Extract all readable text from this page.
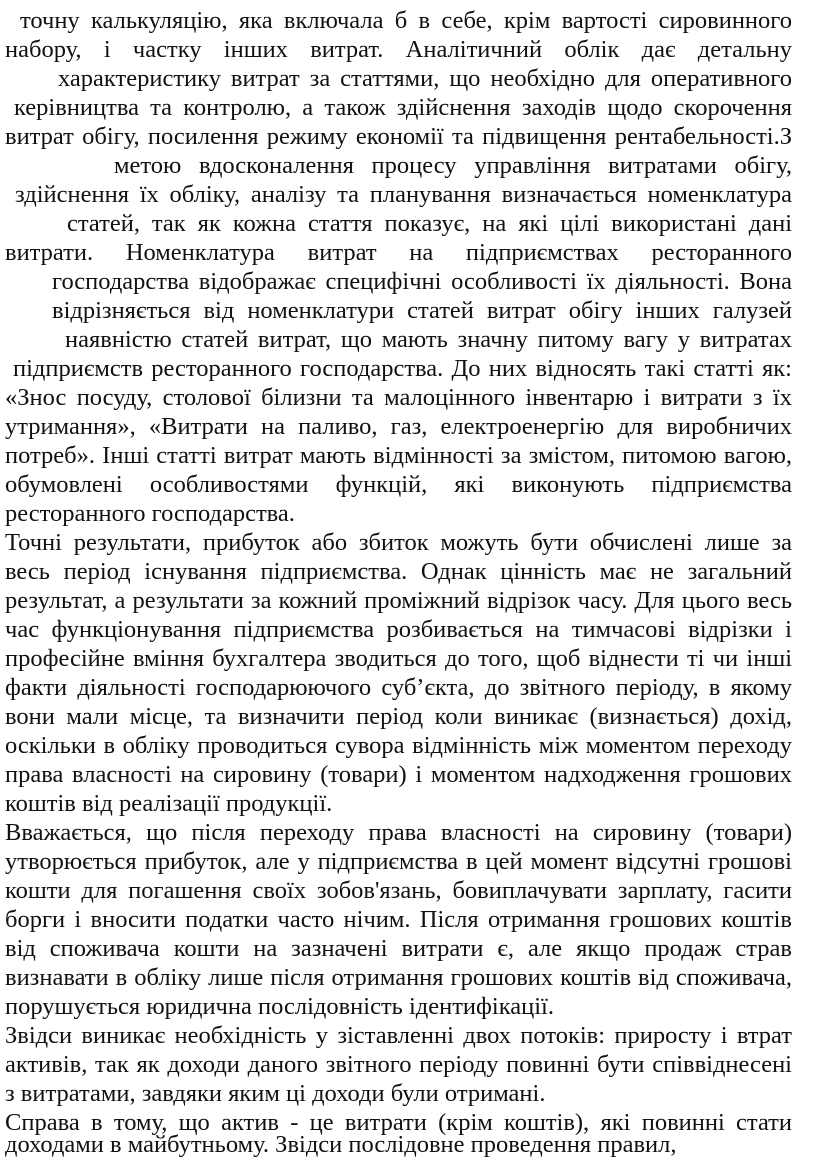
точну калькуляцію, яка включала б в себе, крім вартості сировинного
набору, і частку інших витрат. Аналітичний облік дає детальну
характеристику витрат за статтями, що необхідно для оперативного
керівництва та контролю, а також здійснення заходів щодо скорочення
витрат обігу, посилення режиму економії та підвищення рентабельності.З
метою вдосконалення процесу управління витратами обігу,
здійснення їх обліку, аналізу та планування визначається номенклатура
статей, так як кожна стаття показує, на які цілі використані дані
витрати. Номенклатура витрат на підприємствах ресторанного
господарства відображає специфічні особливості їх діяльності. Вона
відрізняється від номенклатури статей витрат обігу інших галузей
наявністю статей витрат, що мають значну питому вагу у витратах
підприємств ресторанного господарства. До них відносять такі статті як:
«Знос посуду, столової білизни та малоцінного інвентарю і витрати з їх
утримання», «Витрати на паливо, газ, електроенергію для виробничих
потреб». Інші статті витрат мають відмінності за змістом, питомою вагою,
обумовлені особливостями функцій, які виконують підприємства
ресторанного господарства.
Точні результати, прибуток або збиток можуть бути обчислені лише за
весь період існування підприємства. Однак цінність має не загальний
результат, а результати за кожний проміжний відрізок часу. Для цього весь
час функціонування підприємства розбивається на тимчасові відрізки і
професійне вміння бухгалтера зводиться до того, щоб віднести ті чи інші
факти діяльності господарюючого суб’єкта, до звітного періоду, в якому
вони мали місце, та визначити період коли виникає (визнається) дохід,
оскільки в обліку проводиться сувора відмінність між моментом переходу
права власності на сировину (товари) і моментом надходження грошових
коштів від реалізації продукції.
Вважається, що після переходу права власності на сировину (товари)
утворюється прибуток, але у підприємства в цей момент відсутні грошові
кошти для погашення своїх зобов'язань, бовиплачувати зарплату, гасити
борги і вносити податки часто нічим. Після отримання грошових коштів
від споживача кошти на зазначені витрати є, але якщо продаж страв
визнавати в обліку лише після отримання грошових коштів від споживача,
порушується юридична послідовність ідентифікації.
Звідси виникає необхідність у зіставленні двох потоків: приросту і втрат
активів, так як доходи даного звітного періоду повинні бути співвіднесені
з витратами, завдяки яким ці доходи були отримані.
Справа в тому, що актив - це витрати (крім коштів), які повинні стати
доходами в майбутньому. Звідси послідовне проведення правил,
